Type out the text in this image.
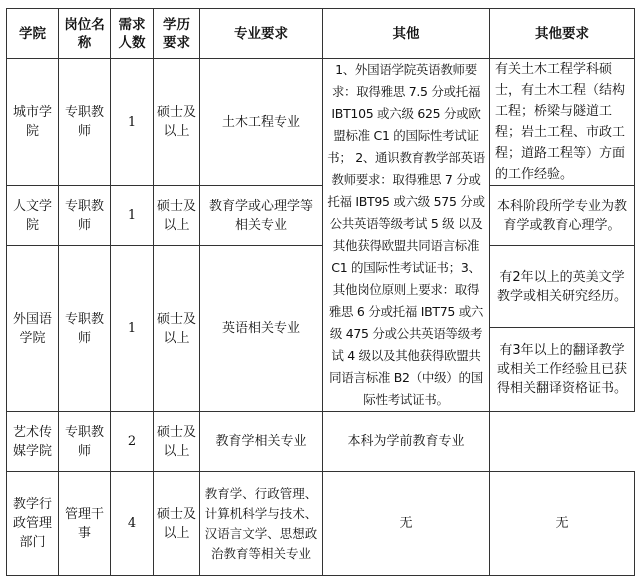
学院	岗位名称	需求人数	学历要求	专业要求	其他	其他要求
城市学院	专职教师	1	硕士及以上	土木工程专业	1、外国语学院英语教师要求：取得雅思 7.5 分或托福 IBT105 或六级 625 分或欧盟标准 C1 的国际性考试证书； 2、通识教育教学部英语教师要求：取得雅思 7 分或托福 IBT95 或六级 575 分或公共英语等级考试 5 级 以及其他获得欧盟共同语言标准 C1 的国际性考试证书；3、其他岗位原则上要求：取得雅思 6 分或托福 IBT75 或六级 475 分或公共英语等级考试 4 级以及其他获得欧盟共同语言标准 B2（中级）的国际性考试证书。	有关土木工程学科硕士，有土木工程（结构工程；桥梁与隧道工程；岩土工程、市政工程；道路工程等）方面的工作经验。
人文学院	专职教师	1	硕士及以上	教育学或心理学等相关专业		本科阶段所学专业为教育学或教育心理学。
外国语学院	专职教师	1	硕士及以上	英语相关专业		有2年以上的英美文学教学或相关研究经历。
						有3年以上的翻译教学或相关工作经验且已获得相关翻译资格证书。
艺术传媒学院	专职教师	2	硕士及以上	教育学相关专业	本科为学前教育专业	
教学行政管理部门	管理干事	4	硕士及以上	教育学、行政管理、计算机科学与技术、汉语言文学、思想政治教育等相关专业	无	无
